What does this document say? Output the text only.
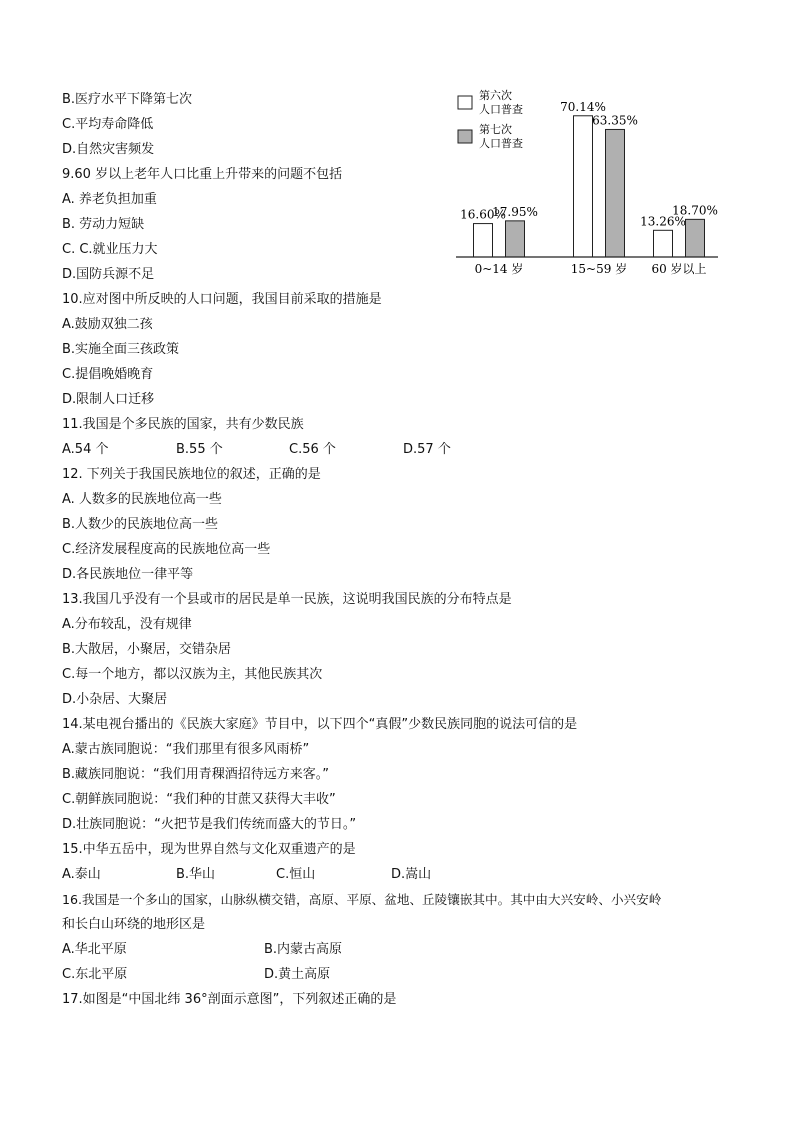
B.医疗水平下降第七次
C.平均寿命降低
D.自然灾害频发
9.60 岁以上老年人口比重上升带来的问题不包括
A. 养老负担加重
B. 劳动力短缺
C. C.就业压力大
D.国防兵源不足
10.应对图中所反映的人口问题，我国目前采取的措施是
A.鼓励双独二孩
B.实施全面三孩政策
C.提倡晚婚晚育
D.限制人口迁移
11.我国是个多民族的国家，共有少数民族
A.54 个	B.55 个	C.56 个	D.57 个
12. 下列关于我国民族地位的叙述，正确的是
A. 人数多的民族地位高一些
B.人数少的民族地位高一些
C.经济发展程度高的民族地位高一些
D.各民族地位一律平等
13.我国几乎没有一个县或市的居民是单一民族，这说明我国民族的分布特点是
A.分布较乱，没有规律
B.大散居，小聚居，交错杂居
C.每一个地方，都以汉族为主，其他民族其次
D.小杂居、大聚居
14.某电视台播出的《民族大家庭》节目中，以下四个“真假”少数民族同胞的说法可信的是
A.蒙古族同胞说：“我们那里有很多风雨桥”
B.藏族同胞说：“我们用青稞酒招待远方来客。”
C.朝鲜族同胞说：“我们种的甘蔗又获得大丰收”
D.壮族同胞说：“火把节是我们传统而盛大的节日。”
15.中华五岳中，现为世界自然与文化双重遗产的是
A.泰山	B.华山	C.恒山	D.嵩山
16.我国是一个多山的国家，山脉纵横交错，高原、平原、盆地、丘陵镶嵌其中。其中由大兴安岭、小兴安岭
和长白山环绕的地形区是
A.华北平原	B.内蒙古高原
C.东北平原	D.黄土高原
17.如图是“中国北纬 36°剖面示意图”，下列叙述正确的是
第六次
人口普查
第七次
人口普查
16.60%
17.95%
0~14 岁
70.14%
63.35%
15~59 岁
13.26%
18.70%
60 岁以上
